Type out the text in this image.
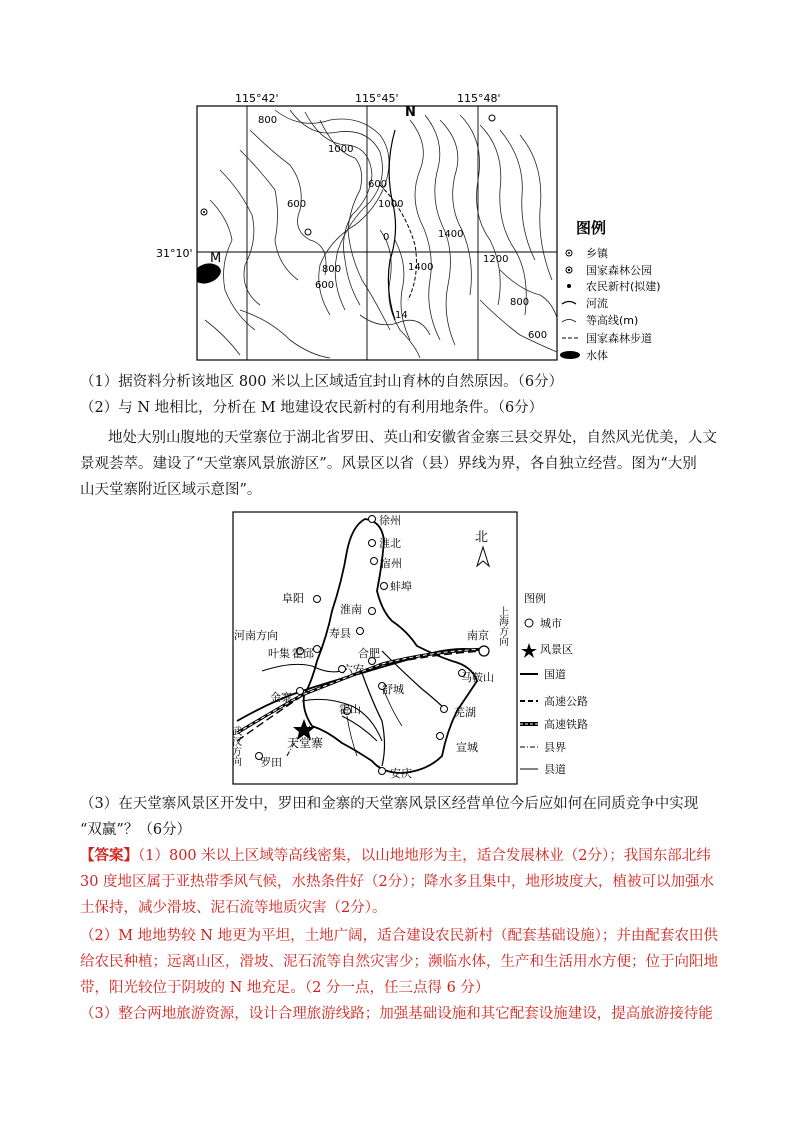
115°42'	115°45'	115°48'
N
31°10' M
800
1000
600
600
1000
1400
1200
1400
800
600
800
600
14
0
图例
乡镇
国家森林公园
农民新村(拟建)
河流
等高线(m)
国家森林步道
水体
（1）据资料分析该地区 800 米以上区域适宜封山育林的自然原因。（6分）
（2）与 N 地相比，分析在 M 地建设农民新村的有利用地条件。（6分）
地处大别山腹地的天堂寨位于湖北省罗田、英山和安徽省金寨三县交界处，自然风光优美，人文
景观荟萃。建设了“天堂寨风景旅游区”。风景区以省（县）界线为界，各自独立经营。图为“大别
山天堂寨附近区域示意图”。
北
徐州
淮北
宿州
蚌埠
阜阳
淮南
寿县
河南方向
叶集 霍邱
六安
合肥
南京 上海方向
金寨
舒城
马鞍山
霍山	芜湖
天堂寨
武汉方向 罗田
宣城
安庆
图例
城市
风景区
国道
高速公路
高速铁路
县界
县道
（3）在天堂寨风景区开发中，罗田和金寨的天堂寨风景区经营单位今后应如何在同质竞争中实现
“双赢”？（6分）
【答案】（1）800 米以上区域等高线密集，以山地地形为主，适合发展林业（2分）；我国东部北纬
30 度地区属于亚热带季风气候，水热条件好（2分）；降水多且集中，地形坡度大，植被可以加强水
土保持，减少滑坡、泥石流等地质灾害（2分）。
（2）M 地地势较 N 地更为平坦，土地广阔，适合建设农民新村（配套基础设施）；并由配套农田供
给农民种植；远离山区，滑坡、泥石流等自然灾害少；濒临水体，生产和生活用水方便；位于向阳地
带，阳光较位于阴坡的 N 地充足。（2 分一点，任三点得 6 分）
（3）整合两地旅游资源，设计合理旅游线路；加强基础设施和其它配套设施建设，提高旅游接待能
